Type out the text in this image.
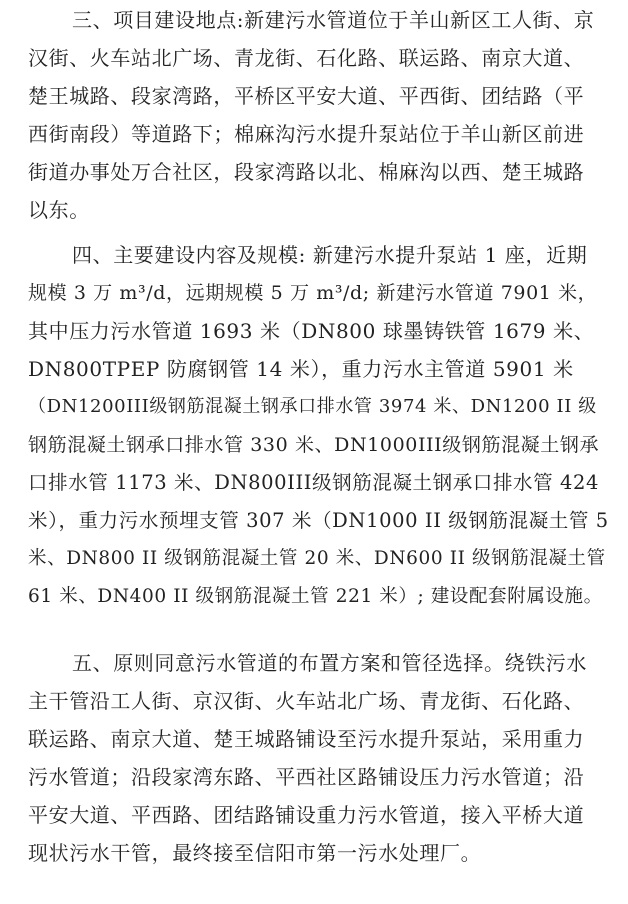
三、项目建设地点:新建污水管道位于羊山新区工人街、京
汉街、火车站北广场、青龙街、石化路、联运路、南京大道、
楚王城路、段家湾路，平桥区平安大道、平西街、团结路（平
西街南段）等道路下；棉麻沟污水提升泵站位于羊山新区前进
街道办事处万合社区，段家湾路以北、棉麻沟以西、楚王城路
以东。
四、主要建设内容及规模: 新建污水提升泵站 1 座，近期
规模 3 万 m³/d，远期规模 5 万 m³/d; 新建污水管道 7901 米，
其中压力污水管道 1693 米（DN800 球墨铸铁管 1679 米、
DN800TPEP 防腐钢管 14 米），重力污水主管道 5901 米
（DN1200III级钢筋混凝土钢承口排水管 3974 米、DN1200 II 级
钢筋混凝土钢承口排水管 330 米、DN1000III级钢筋混凝土钢承
口排水管 1173 米、DN800III级钢筋混凝土钢承口排水管 424
米），重力污水预埋支管 307 米（DN1000 II 级钢筋混凝土管 5
米、DN800 II 级钢筋混凝土管 20 米、DN600 II 级钢筋混凝土管
61 米、DN400 II 级钢筋混凝土管 221 米）; 建设配套附属设施。
五、原则同意污水管道的布置方案和管径选择。绕铁污水
主干管沿工人街、京汉街、火车站北广场、青龙街、石化路、
联运路、南京大道、楚王城路铺设至污水提升泵站，采用重力
污水管道；沿段家湾东路、平西社区路铺设压力污水管道；沿
平安大道、平西路、团结路铺设重力污水管道，接入平桥大道
现状污水干管，最终接至信阳市第一污水处理厂。
